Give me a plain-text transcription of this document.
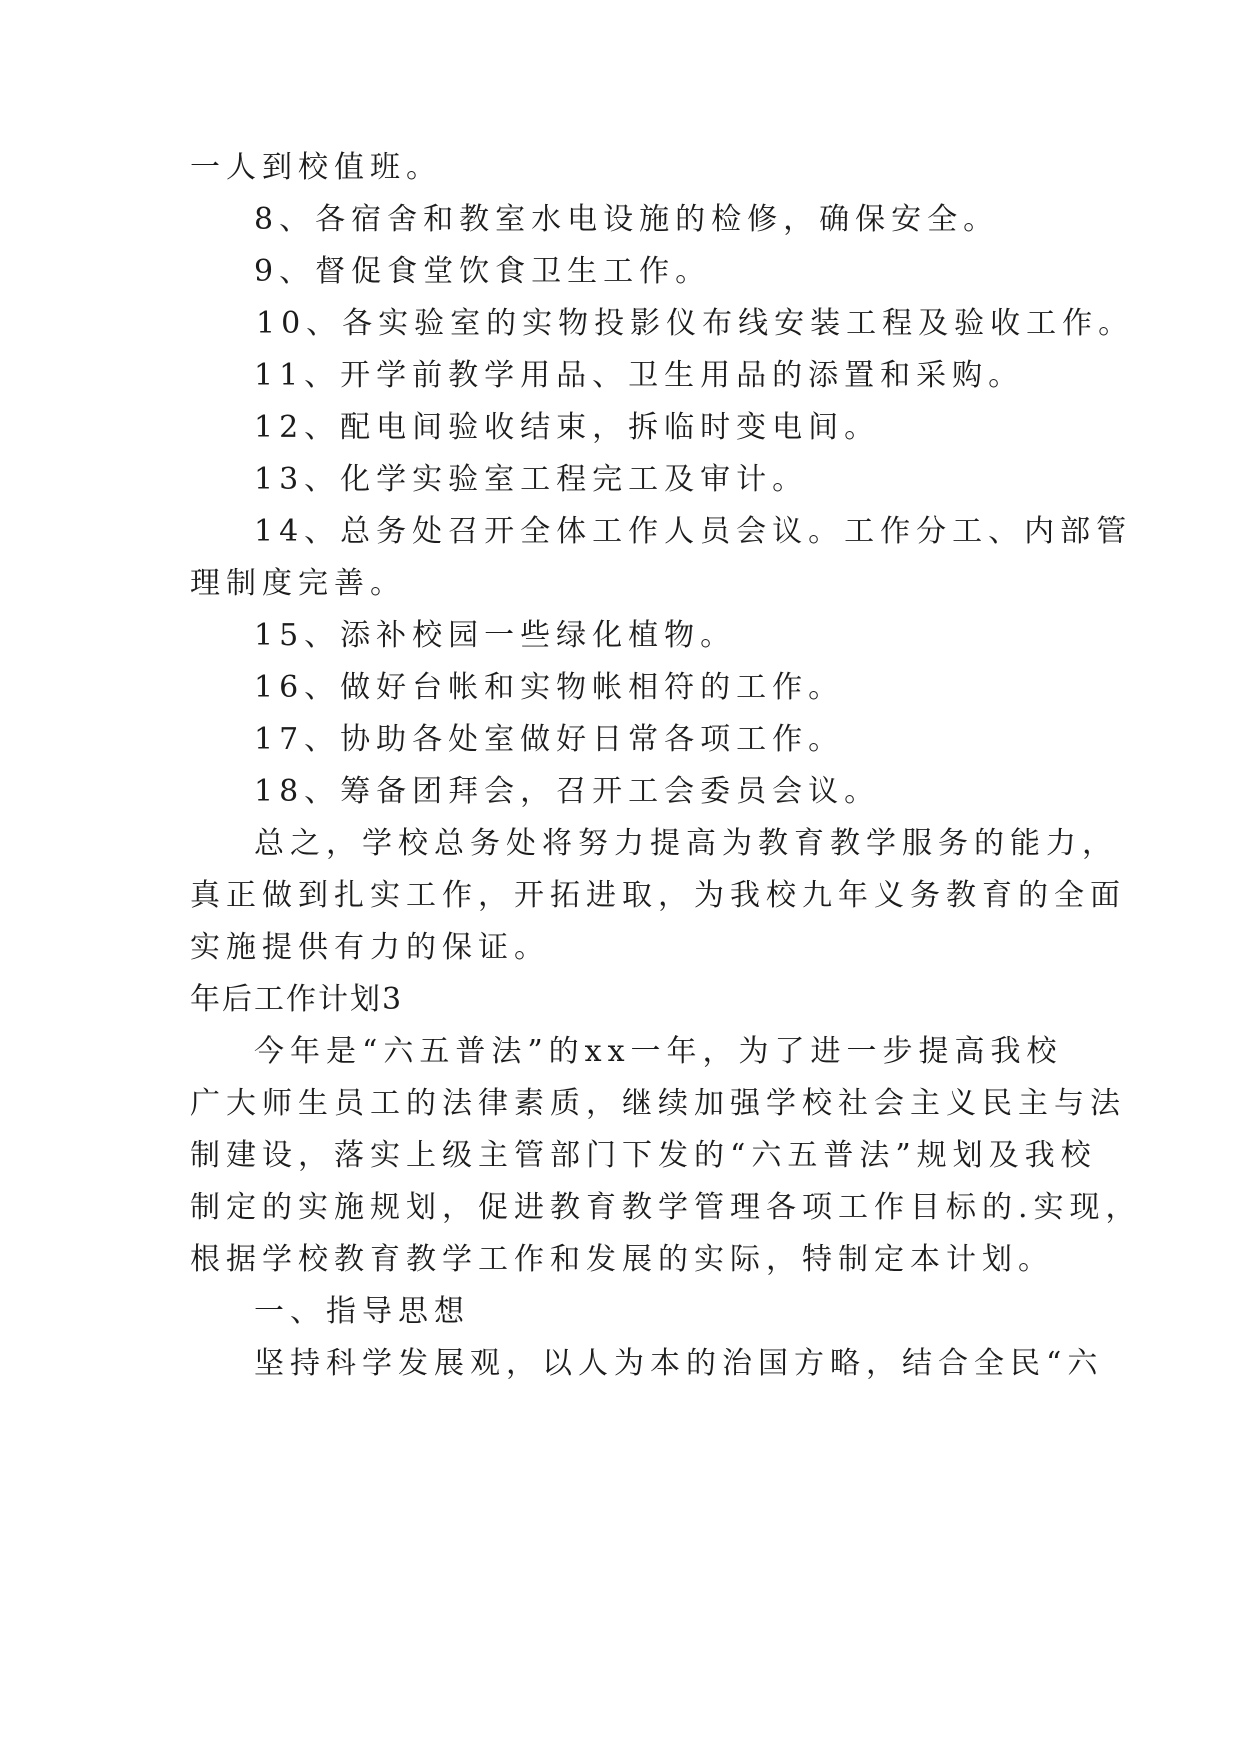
一人到校值班。
8、各宿舍和教室水电设施的检修，确保安全。
9、督促食堂饮食卫生工作。
10、各实验室的实物投影仪布线安装工程及验收工作。
11、开学前教学用品、卫生用品的添置和采购。
12、配电间验收结束，拆临时变电间。
13、化学实验室工程完工及审计。
14、总务处召开全体工作人员会议。工作分工、内部管
理制度完善。
15、添补校园一些绿化植物。
16、做好台帐和实物帐相符的工作。
17、协助各处室做好日常各项工作。
18、筹备团拜会，召开工会委员会议。
总之，学校总务处将努力提高为教育教学服务的能力，
真正做到扎实工作，开拓进取，为我校九年义务教育的全面
实施提供有力的保证。
年后工作计划3
今年是“六五普法”的xx一年，为了进一步提高我校
广大师生员工的法律素质，继续加强学校社会主义民主与法
制建设，落实上级主管部门下发的“六五普法”规划及我校
制定的实施规划，促进教育教学管理各项工作目标的.实现，
根据学校教育教学工作和发展的实际，特制定本计划。
一、指导思想
坚持科学发展观，以人为本的治国方略，结合全民“六
